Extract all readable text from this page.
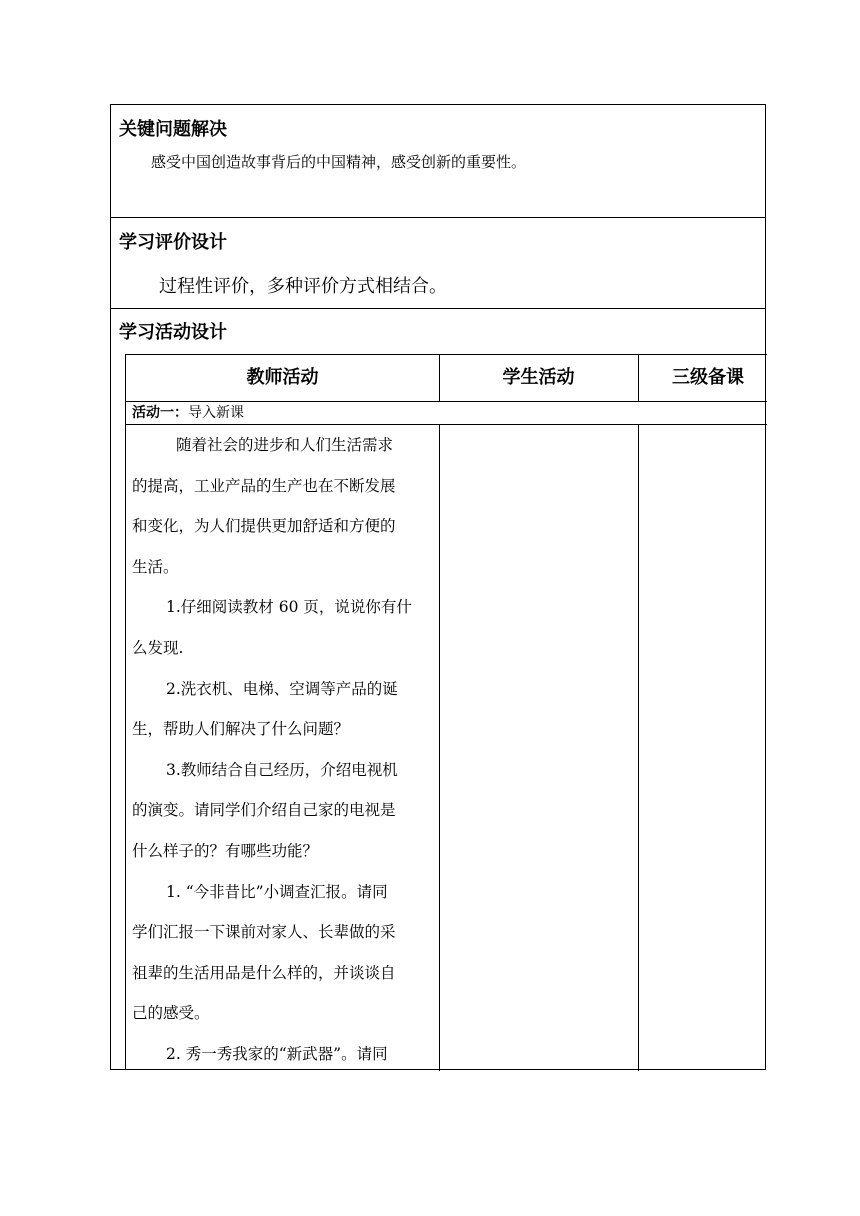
关键问题解决
感受中国创造故事背后的中国精神，感受创新的重要性。
学习评价设计
过程性评价，多种评价方式相结合。
学习活动设计
教师活动	学生活动	三级备课
活动一：导入新课
随着社会的进步和人们生活需求
的提高，工业产品的生产也在不断发展
和变化，为人们提供更加舒适和方便的
生活。
1.仔细阅读教材 60 页，说说你有什
么发现.
2.洗衣机、电梯、空调等产品的诞
生，帮助人们解决了什么问题？
3.教师结合自己经历，介绍电视机
的演变。请同学们介绍自己家的电视是
什么样子的？有哪些功能？
1. “今非昔比”小调查汇报。请同
学们汇报一下课前对家人、长辈做的采
祖辈的生活用品是什么样的，并谈谈自
己的感受。
2. 秀一秀我家的“新武器”。请同
